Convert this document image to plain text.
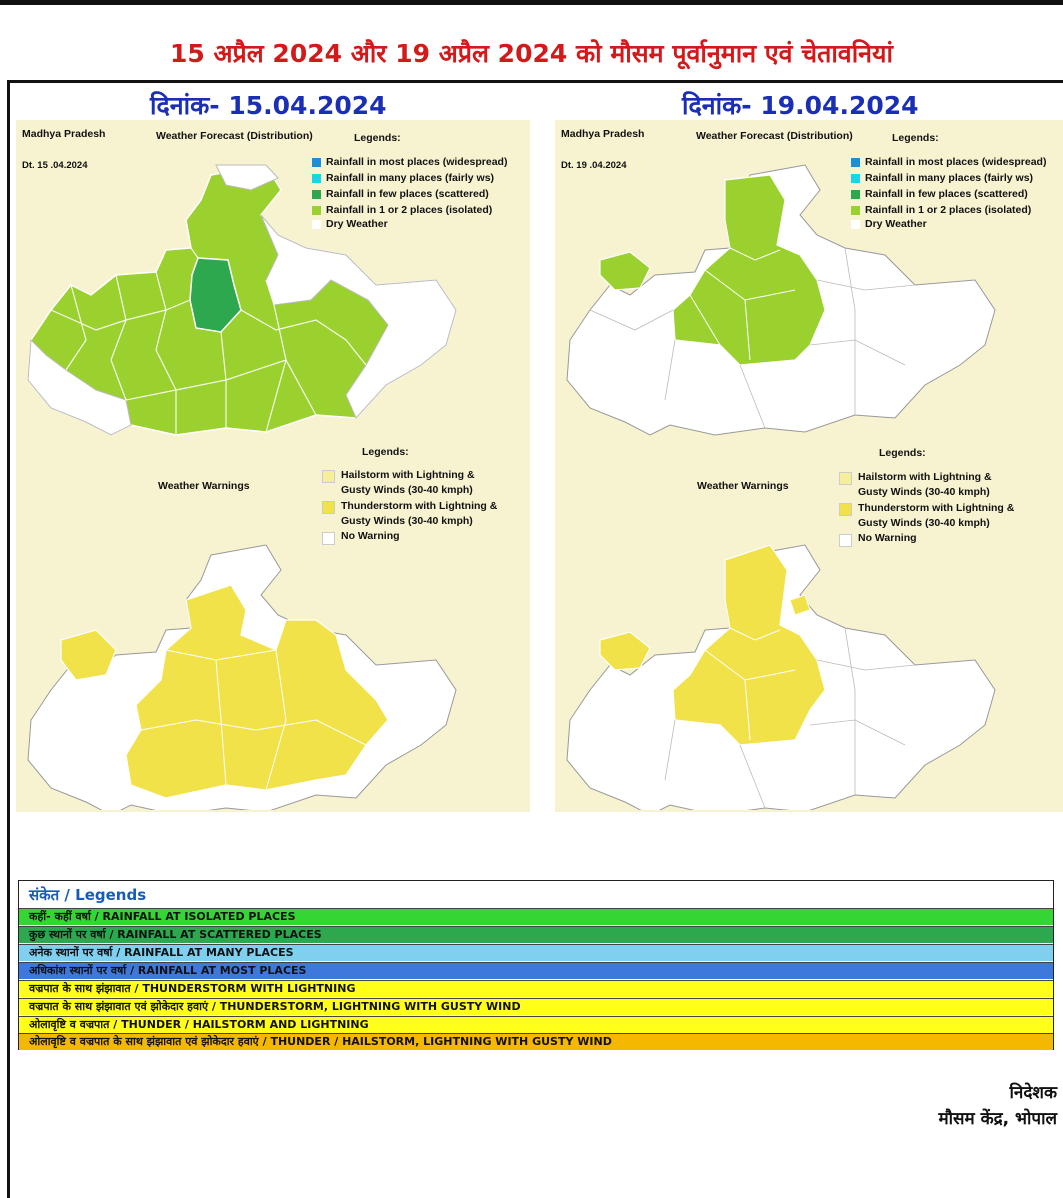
15 अप्रैल 2024 और 19 अप्रैल 2024 को मौसम पूर्वानुमान एवं चेतावनियां
दिनांक- 15.04.2024	दिनांक- 19.04.2024
Madhya Pradesh
Dt. 15 .04.2024
Weather Forecast (Distribution)	Legends:
Rainfall in most places (widespread)
Rainfall in many places (fairly ws)
Rainfall in few places (scattered)
Rainfall in 1 or 2 places (isolated)
Dry Weather
Weather Warnings
Legends:
Hailstorm with Lightning &
Gusty Winds (30-40 kmph)
Thunderstorm with Lightning &
Gusty Winds (30-40 kmph)
No Warning
Madhya Pradesh
Dt. 19 .04.2024
Weather Forecast (Distribution)	Legends:
Rainfall in most places (widespread)
Rainfall in many places (fairly ws)
Rainfall in few places (scattered)
Rainfall in 1 or 2 places (isolated)
Dry Weather
Weather Warnings
Legends:
Hailstorm with Lightning &
Gusty Winds (30-40 kmph)
Thunderstorm with Lightning &
Gusty Winds (30-40 kmph)
No Warning
संकेत / Legends
कहीं- कहीं वर्षा / RAINFALL AT ISOLATED PLACES
कुछ स्थानों पर वर्षा / RAINFALL AT SCATTERED PLACES
अनेक स्थानों पर वर्षा / RAINFALL AT MANY PLACES
अधिकांश स्थानों पर वर्षा / RAINFALL AT MOST PLACES
वज्रपात के साथ झंझावात / THUNDERSTORM WITH LIGHTNING
वज्रपात के साथ झंझावात एवं झोकेदार हवाएं / THUNDERSTORM, LIGHTNING WITH GUSTY WIND
ओलावृष्टि व वज्रपात / THUNDER / HAILSTORM AND LIGHTNING
ओलावृष्टि व वज्रपात के साथ झंझावात एवं झोकेदार हवाएं / THUNDER / HAILSTORM, LIGHTNING WITH GUSTY WIND
निदेशक
मौसम केंद्र, भोपाल
